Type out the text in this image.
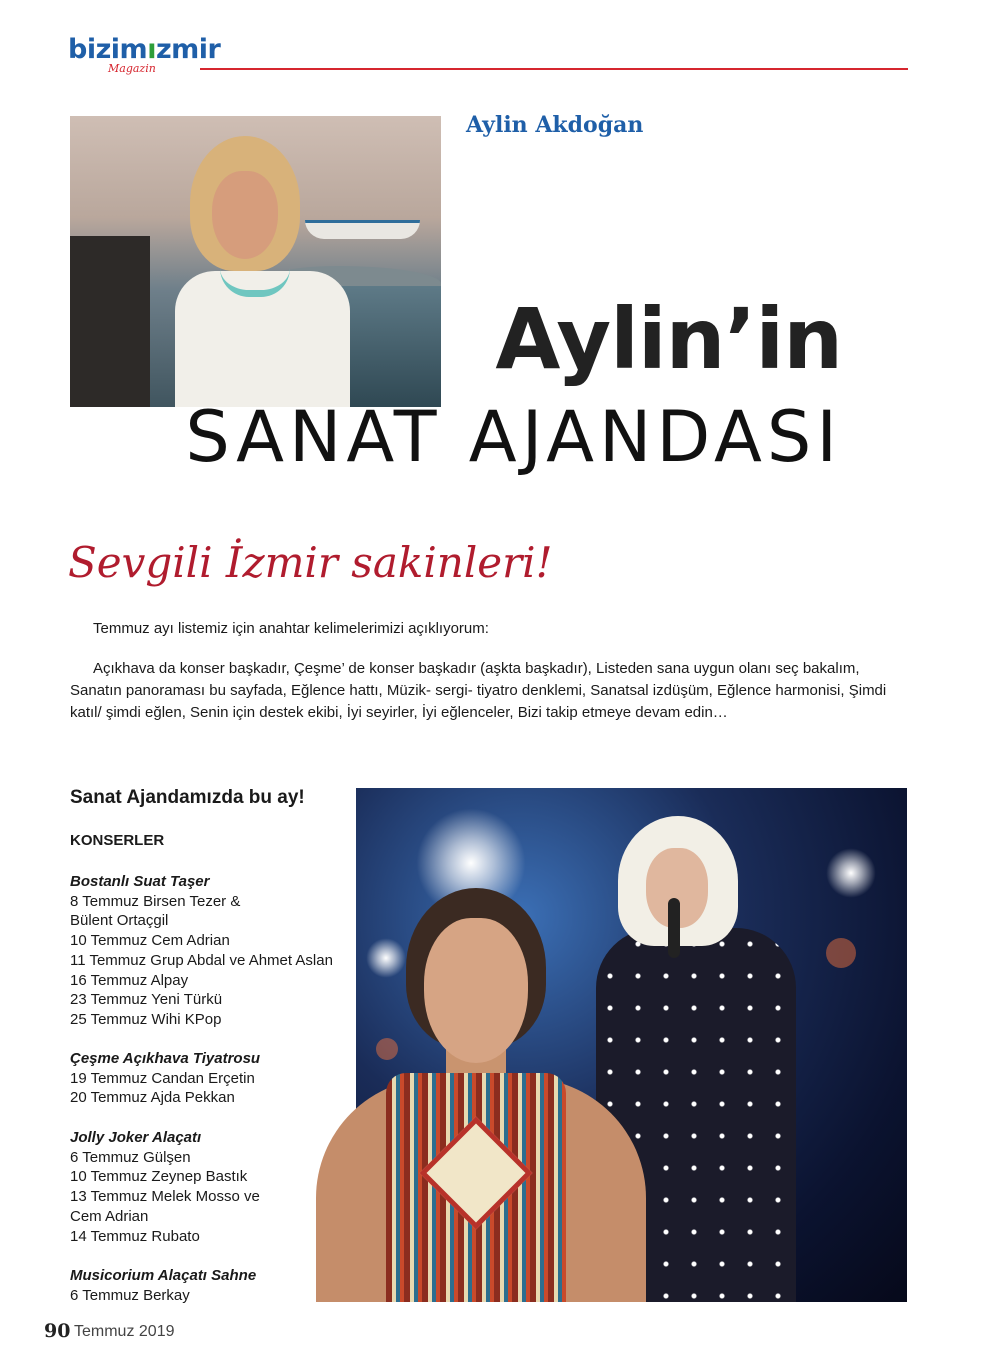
bizimızmir
Magazin
Aylin Akdoğan
Aylin’in
SANAT AJANDASI
Sevgili İzmir sakinleri!
Temmuz ayı listemiz için anahtar kelimelerimizi açıklıyorum:
Açıkhava da konser başkadır, Çeşme’ de konser başkadır (aşkta başkadır), Listeden sana uygun olanı seç bakalım, Sanatın panoraması bu sayfada, Eğlence hattı, Müzik- sergi- tiyatro denklemi, Sanatsal izdüşüm, Eğlence harmonisi, Şimdi katıl/ şimdi eğlen, Senin için destek ekibi, İyi seyirler, İyi eğlenceler, Bizi takip etmeye devam edin…
Sanat Ajandamızda bu ay!
KONSERLER
Bostanlı Suat Taşer
8 Temmuz Birsen Tezer &
Bülent Ortaçgil
10 Temmuz Cem Adrian
11 Temmuz Grup Abdal ve Ahmet Aslan
16 Temmuz Alpay
23 Temmuz Yeni Türkü
25 Temmuz Wihi KPop
Çeşme Açıkhava Tiyatrosu
19 Temmuz Candan Erçetin
20 Temmuz Ajda Pekkan
Jolly Joker Alaçatı
6 Temmuz Gülşen
10 Temmuz Zeynep Bastık
13 Temmuz Melek Mosso ve
Cem Adrian
14 Temmuz Rubato
Musicorium Alaçatı Sahne
6 Temmuz Berkay
90 Temmuz 2019
